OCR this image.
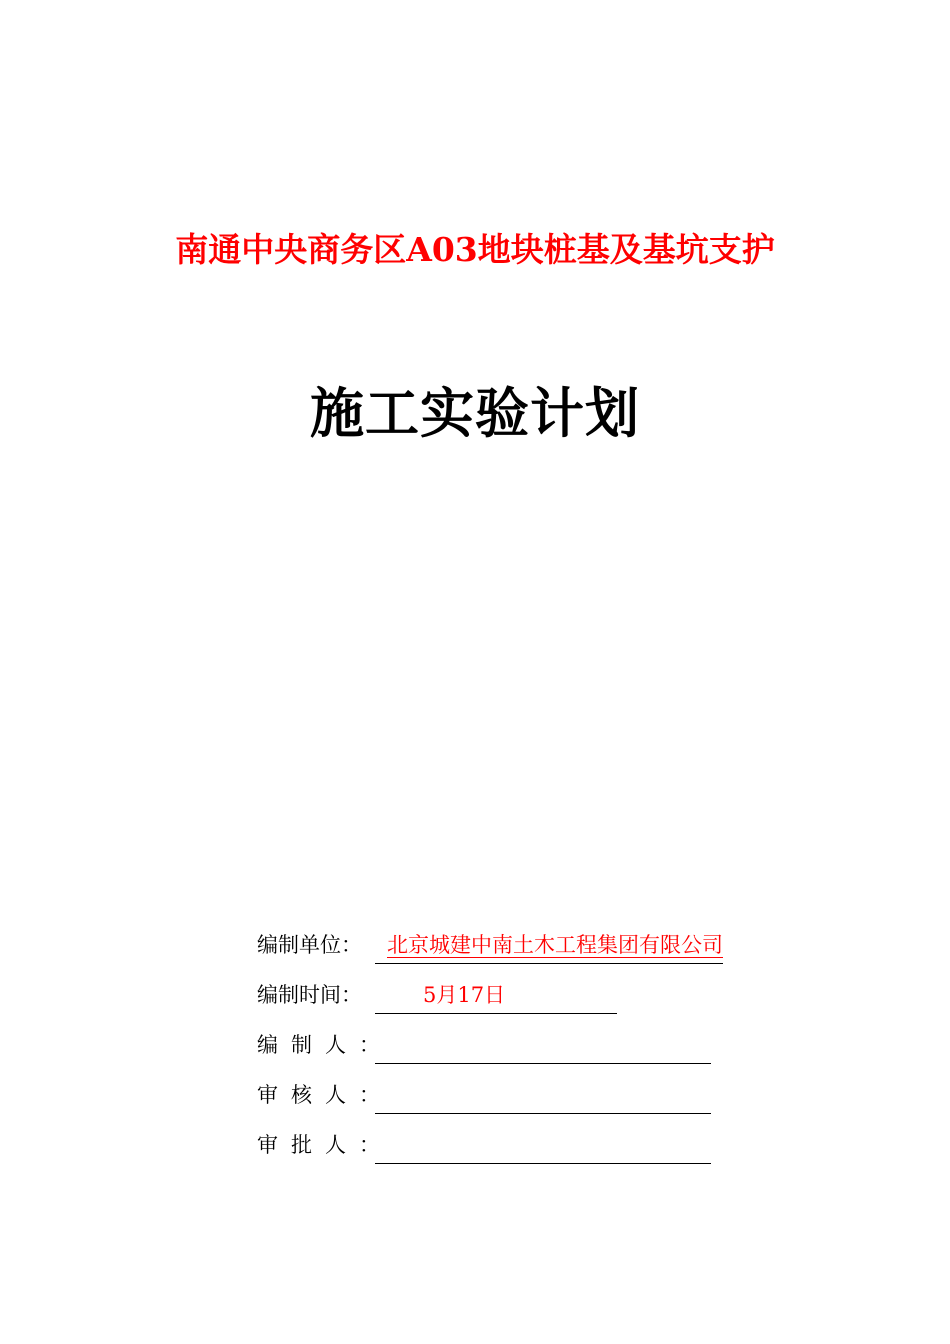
南通中央商务区A03地块桩基及基坑支护
施工实验计划
编制单位：	北京城建中南土木工程集团有限公司
编制时间：	5月17日
编制人：
审核人：
审批人：
